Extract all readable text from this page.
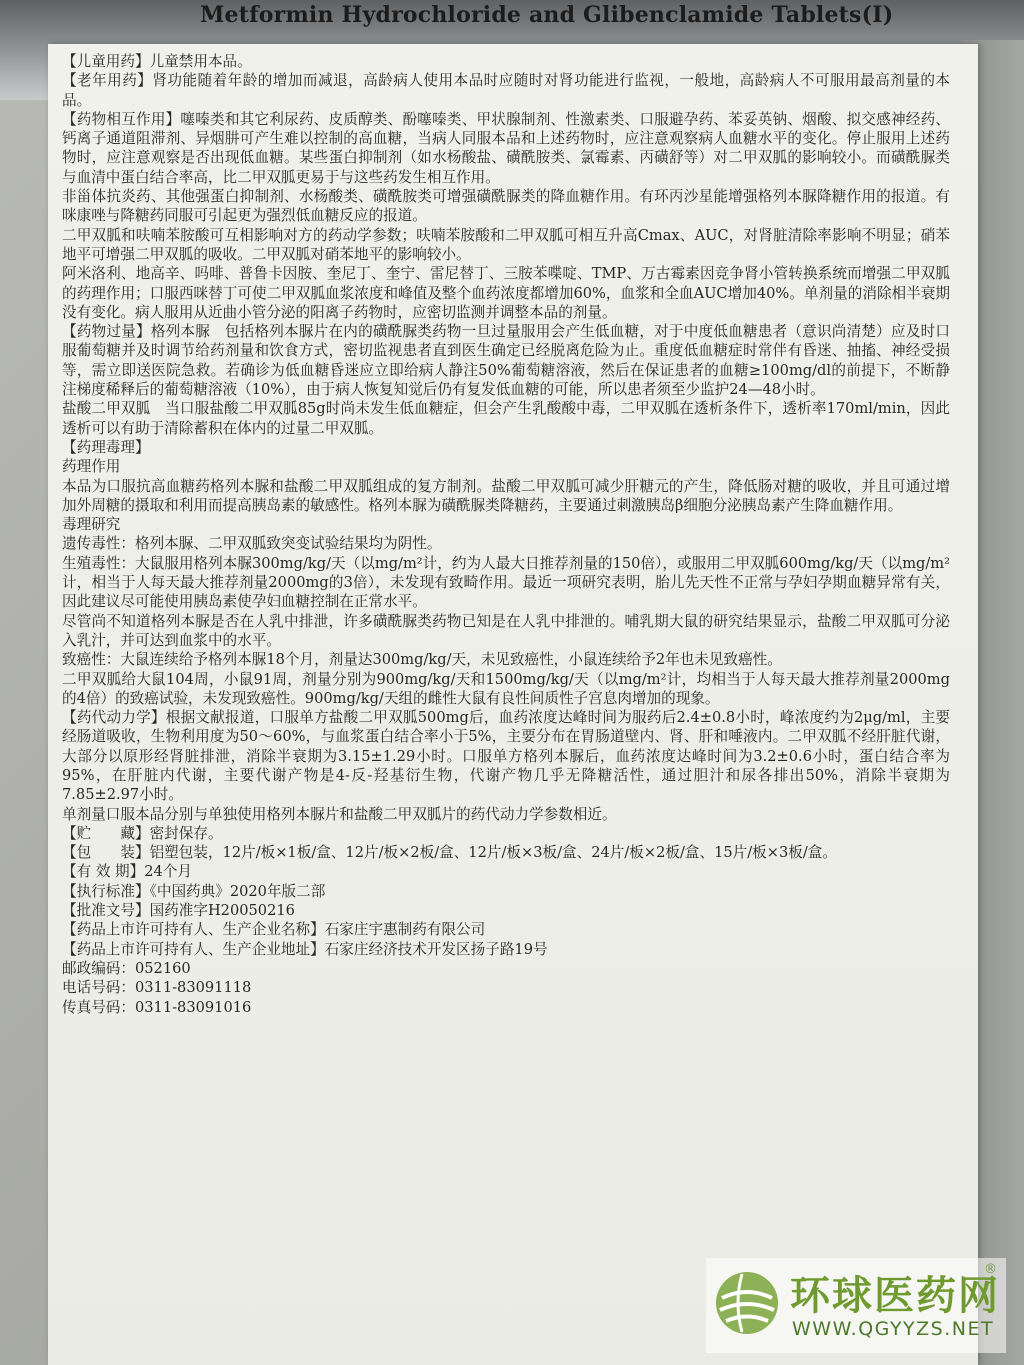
Metformin Hydrochloride and Glibenclamide Tablets(I)

【儿童用药】儿童禁用本品。

【老年用药】肾功能随着年龄的增加而减退，高龄病人使用本品时应随时对肾功能进行监视，一般地，高龄病人不可服用最高剂量的本品。

【药物相互作用】噻嗪类和其它利尿药、皮质醇类、酚噻嗪类、甲状腺制剂、性激素类、口服避孕药、苯妥英钠、烟酸、拟交感神经药、钙离子通道阻滞剂、异烟肼可产生难以控制的高血糖，当病人同服本品和上述药物时，应注意观察病人血糖水平的变化。停止服用上述药物时，应注意观察是否出现低血糖。某些蛋白抑制剂（如水杨酸盐、磺酰胺类、氯霉素、丙磺舒等）对二甲双胍的影响较小。而磺酰脲类与血清中蛋白结合率高，比二甲双胍更易于与这些药发生相互作用。

非甾体抗炎药、其他强蛋白抑制剂、水杨酸类、磺酰胺类可增强磺酰脲类的降血糖作用。有环丙沙星能增强格列本脲降糖作用的报道。有咪康唑与降糖药同服可引起更为强烈低血糖反应的报道。

二甲双胍和呋喃苯胺酸可互相影响对方的药动学参数；呋喃苯胺酸和二甲双胍可相互升高Cmax、AUC，对肾脏清除率影响不明显；硝苯地平可增强二甲双胍的吸收。二甲双胍对硝苯地平的影响较小。

阿米洛利、地高辛、吗啡、普鲁卡因胺、奎尼丁、奎宁、雷尼替丁、三胺苯喋啶、TMP、万古霉素因竞争肾小管转换系统而增强二甲双胍的药理作用；口服西咪替丁可使二甲双胍血浆浓度和峰值及整个血药浓度都增加60%，血浆和全血AUC增加40%。单剂量的消除相半衰期没有变化。病人服用从近曲小管分泌的阳离子药物时，应密切监测并调整本品的剂量。

【药物过量】格列本脲　包括格列本脲片在内的磺酰脲类药物一旦过量服用会产生低血糖，对于中度低血糖患者（意识尚清楚）应及时口服葡萄糖并及时调节给药剂量和饮食方式，密切监视患者直到医生确定已经脱离危险为止。重度低血糖症时常伴有昏迷、抽搐、神经受损等，需立即送医院急救。若确诊为低血糖昏迷应立即给病人静注50%葡萄糖溶液，然后在保证患者的血糖≥100mg/dl的前提下，不断静注梯度稀释后的葡萄糖溶液（10%），由于病人恢复知觉后仍有复发低血糖的可能，所以患者须至少监护24—48小时。

盐酸二甲双胍　当口服盐酸二甲双胍85g时尚未发生低血糖症，但会产生乳酸酸中毒，二甲双胍在透析条件下，透析率170ml/min，因此透析可以有助于清除蓄积在体内的过量二甲双胍。

【药理毒理】

药理作用

本品为口服抗高血糖药格列本脲和盐酸二甲双胍组成的复方制剂。盐酸二甲双胍可减少肝糖元的产生，降低肠对糖的吸收，并且可通过增加外周糖的摄取和利用而提高胰岛素的敏感性。格列本脲为磺酰脲类降糖药，主要通过刺激胰岛β细胞分泌胰岛素产生降血糖作用。

毒理研究

遗传毒性：格列本脲、二甲双胍致突变试验结果均为阴性。

生殖毒性：大鼠服用格列本脲300mg/kg/天（以mg/m²计，约为人最大日推荐剂量的150倍），或服用二甲双胍600mg/kg/天（以mg/m²计，相当于人每天最大推荐剂量2000mg的3倍），未发现有致畸作用。最近一项研究表明，胎儿先天性不正常与孕妇孕期血糖异常有关，因此建议尽可能使用胰岛素使孕妇血糖控制在正常水平。

尽管尚不知道格列本脲是否在人乳中排泄，许多磺酰脲类药物已知是在人乳中排泄的。哺乳期大鼠的研究结果显示，盐酸二甲双胍可分泌入乳汁，并可达到血浆中的水平。

致癌性：大鼠连续给予格列本脲18个月，剂量达300mg/kg/天，未见致癌性，小鼠连续给予2年也未见致癌性。

二甲双胍给大鼠104周，小鼠91周，剂量分别为900mg/kg/天和1500mg/kg/天（以mg/m²计，均相当于人每天最大推荐剂量2000mg的4倍）的致癌试验，未发现致癌性。900mg/kg/天组的雌性大鼠有良性间质性子宫息肉增加的现象。

【药代动力学】根据文献报道，口服单方盐酸二甲双胍500mg后，血药浓度达峰时间为服药后2.4±0.8小时，峰浓度约为2μg/ml，主要经肠道吸收，生物利用度为50～60%，与血浆蛋白结合率小于5%，主要分布在胃肠道壁内、肾、肝和唾液内。二甲双胍不经肝脏代谢，大部分以原形经肾脏排泄，消除半衰期为3.15±1.29小时。口服单方格列本脲后，血药浓度达峰时间为3.2±0.6小时，蛋白结合率为95%，在肝脏内代谢，主要代谢产物是4-反-羟基衍生物，代谢产物几乎无降糖活性，通过胆汁和尿各排出50%，消除半衰期为7.85±2.97小时。

单剂量口服本品分别与单独使用格列本脲片和盐酸二甲双胍片的药代动力学参数相近。

【贮　　藏】密封保存。

【包　　装】铝塑包装，12片/板×1板/盒、12片/板×2板/盒、12片/板×3板/盒、24片/板×2板/盒、15片/板×3板/盒。

【有 效 期】24个月

【执行标准】《中国药典》2020年版二部

【批准文号】国药准字H20050216

【药品上市许可持有人、生产企业名称】石家庄宇惠制药有限公司

【药品上市许可持有人、生产企业地址】石家庄经济技术开发区扬子路19号

邮政编码：052160

电话号码：0311-83091118

传真号码：0311-83091016

环球医药网
®
WWW.QGYYZS.NET
